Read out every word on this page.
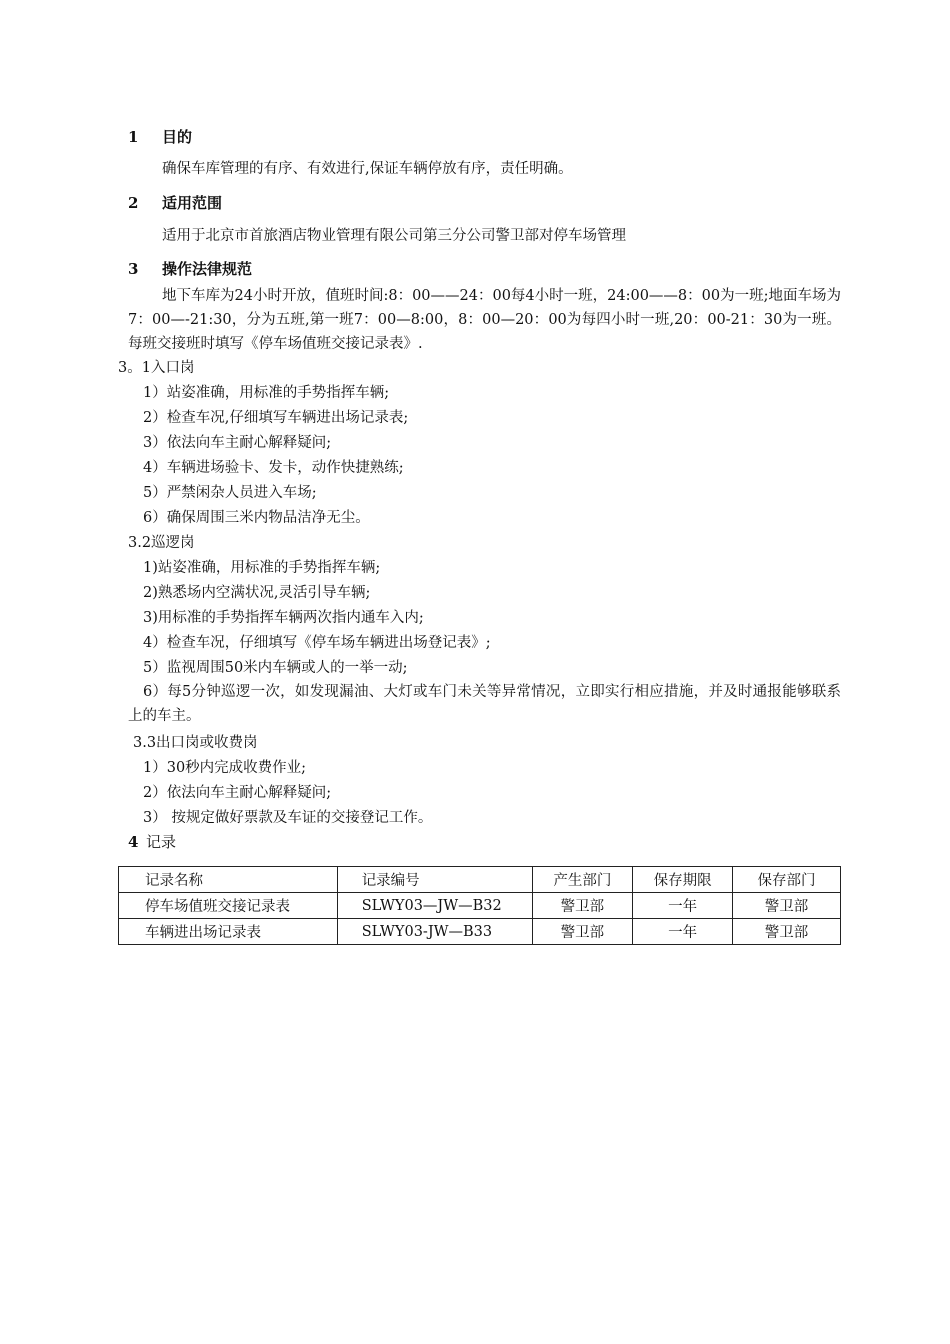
1 目的
确保车库管理的有序、有效进行,保证车辆停放有序，责任明确。
2 适用范围
适用于北京市首旅酒店物业管理有限公司第三分公司警卫部对停车场管理
3 操作法律规范
地下车库为24小时开放，值班时间:8：00——24：00每4小时一班，24:00——8：00为一班;地面车场为7：00—-21:30，分为五班,第一班7：00—8:00，8：00—20：00为每四小时一班,20：00-21：30为一班。每班交接班时填写《停车场值班交接记录表》.
3。1入口岗
1）站姿准确，用标准的手势指挥车辆;
2）检查车况,仔细填写车辆进出场记录表;
3）依法向车主耐心解释疑问;
4）车辆进场验卡、发卡，动作快捷熟练;
5）严禁闲杂人员进入车场;
6）确保周围三米内物品洁净无尘。
3.2巡逻岗
1)站姿准确，用标准的手势指挥车辆;
2)熟悉场内空满状况,灵活引导车辆;
3)用标准的手势指挥车辆两次指内通车入内;
4）检查车况，仔细填写《停车场车辆进出场登记表》;
5）监视周围50米内车辆或人的一举一动;
6）每5分钟巡逻一次，如发现漏油、大灯或车门未关等异常情况，立即实行相应措施，并及时通报能够联系上的车主。
3.3出口岗或收费岗
1）30秒内完成收费作业;
2）依法向车主耐心解释疑问;
3） 按规定做好票款及车证的交接登记工作。
4 记录
记录名称	记录编号	产生部门	保存期限	保存部门
停车场值班交接记录表	SLWY03—JW—B32	警卫部	一年	警卫部
车辆进出场记录表	SLWY03-JW—B33	警卫部	一年	警卫部
